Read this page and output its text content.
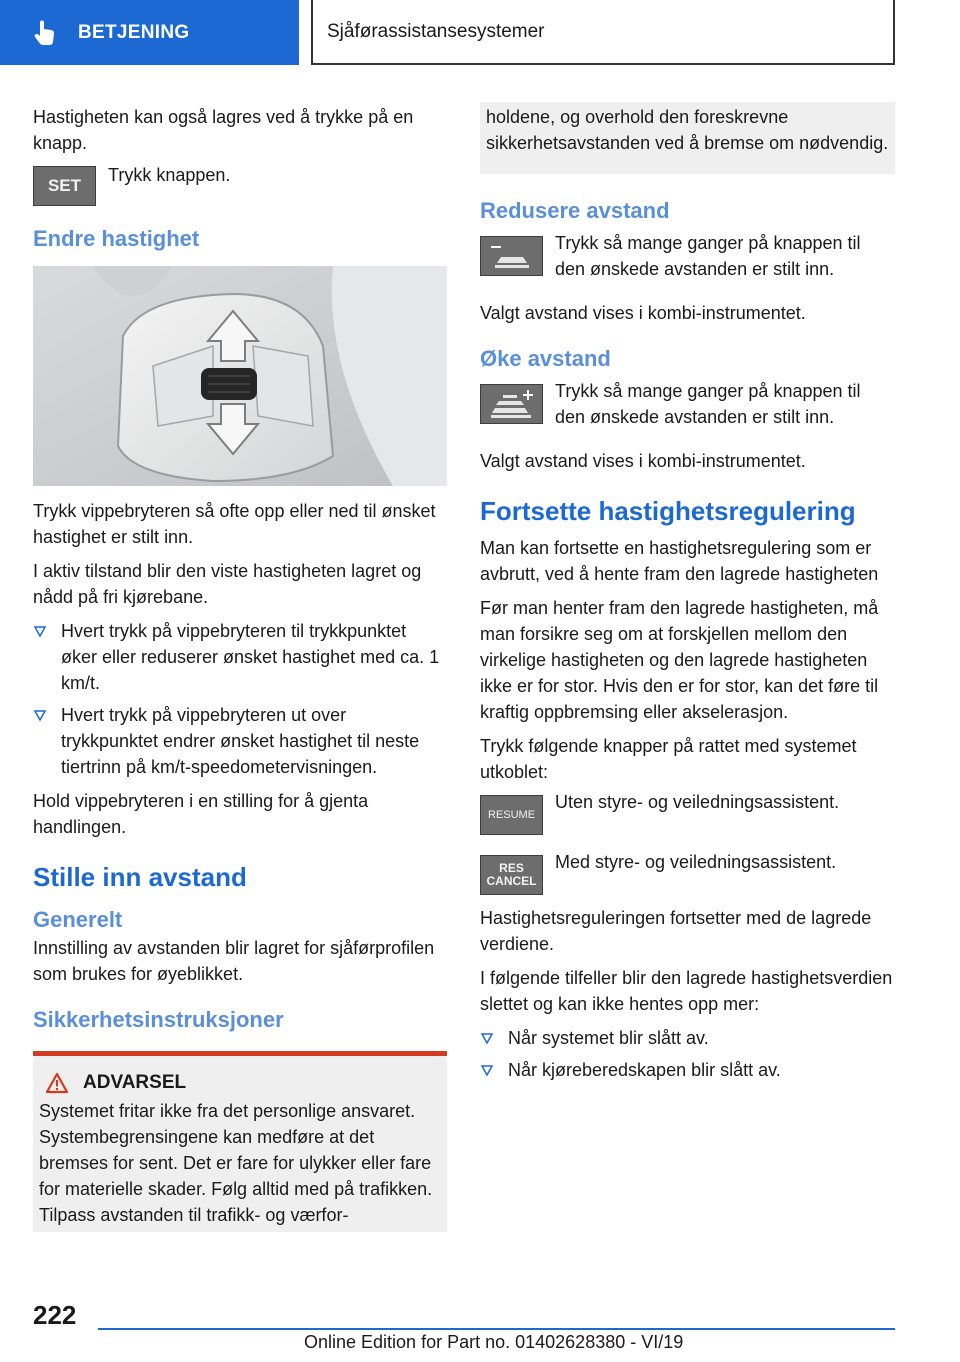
BETJENING	Sjåførassistansesystemer

Hastigheten kan også lagres ved å trykke på en knapp.

SET

Trykk knappen.

Endre hastighet

Trykk vippebryteren så ofte opp eller ned til ønsket hastighet er stilt inn.

I aktiv tilstand blir den viste hastigheten lagret og nådd på fri kjørebane.

Hvert trykk på vippebryteren til trykkpunktet øker eller reduserer ønsket hastighet med ca. 1 km/t.
Hvert trykk på vippebryteren ut over trykkpunktet endrer ønsket hastighet til neste tiertrinn på km/t-speedometervisningen.

Hold vippebryteren i en stilling for å gjenta handlingen.

Stille inn avstand
Generelt

Innstilling av avstanden blir lagret for sjåførprofilen som brukes for øyeblikket.

Sikkerhetsinstruksjoner
ADVARSEL

Systemet fritar ikke fra det personlige ansvaret. Systembegrensingene kan medføre at det bremses for sent. Det er fare for ulykker eller fare for materielle skader. Følg alltid med på trafikken. Tilpass avstanden til trafikk- og værfor-

holdene, og overhold den foreskrevne sikkerhetsavstanden ved å bremse om nødvendig.

Redusere avstand

Trykk så mange ganger på knappen til den ønskede avstanden er stilt inn.

Valgt avstand vises i kombi-instrumentet.

Øke avstand

Trykk så mange ganger på knappen til den ønskede avstanden er stilt inn.

Valgt avstand vises i kombi-instrumentet.

Fortsette hastighetsregulering

Man kan fortsette en hastighetsregulering som er avbrutt, ved å hente fram den lagrede hastigheten

Før man henter fram den lagrede hastigheten, må man forsikre seg om at forskjellen mellom den virkelige hastigheten og den lagrede hastigheten ikke er for stor. Hvis den er for stor, kan det føre til kraftig oppbremsing eller akselerasjon.

Trykk følgende knapper på rattet med systemet utkoblet:

RESUME

Uten styre- og veiledningsassistent.

RES
CANCEL

Med styre- og veiledningsassistent.

Hastighetsreguleringen fortsetter med de lagrede verdiene.

I følgende tilfeller blir den lagrede hastighetsverdien slettet og kan ikke hentes opp mer:

Når systemet blir slått av.
Når kjøreberedskapen blir slått av.
222
Online Edition for Part no. 01402628380 - VI/19
